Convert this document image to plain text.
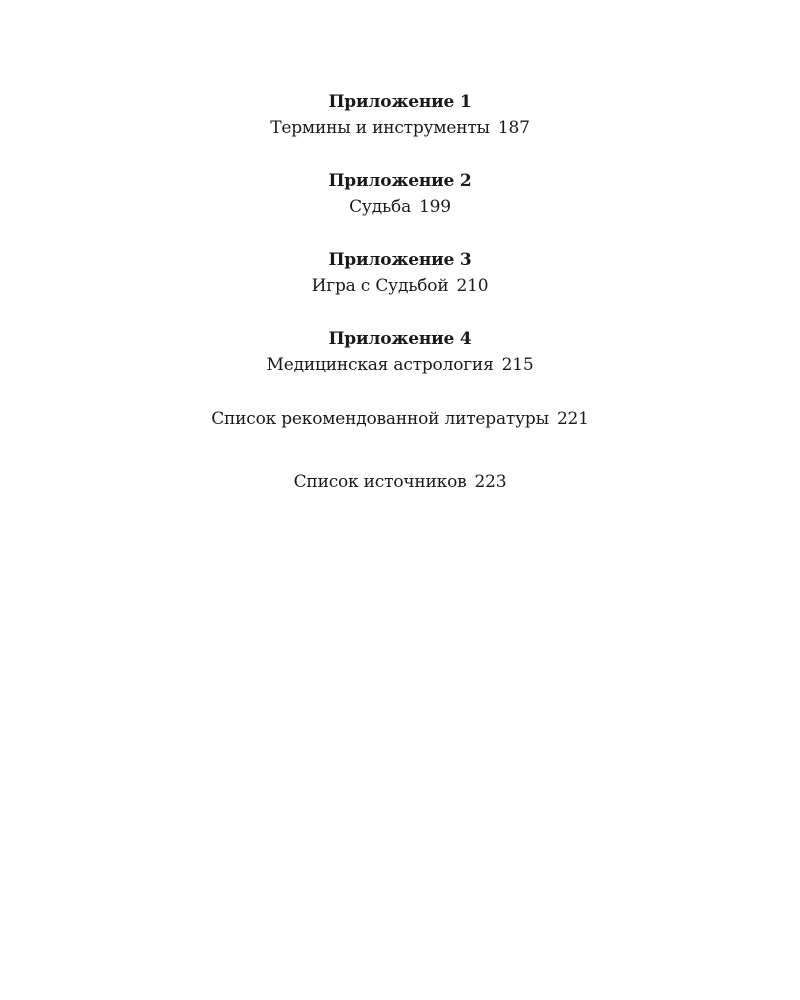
Приложение 1
Термины и инструменты 187
Приложение 2
Судьба 199
Приложение 3
Игра с Судьбой 210
Приложение 4
Медицинская астрология 215
Список рекомендованной литературы 221
Список источников 223
